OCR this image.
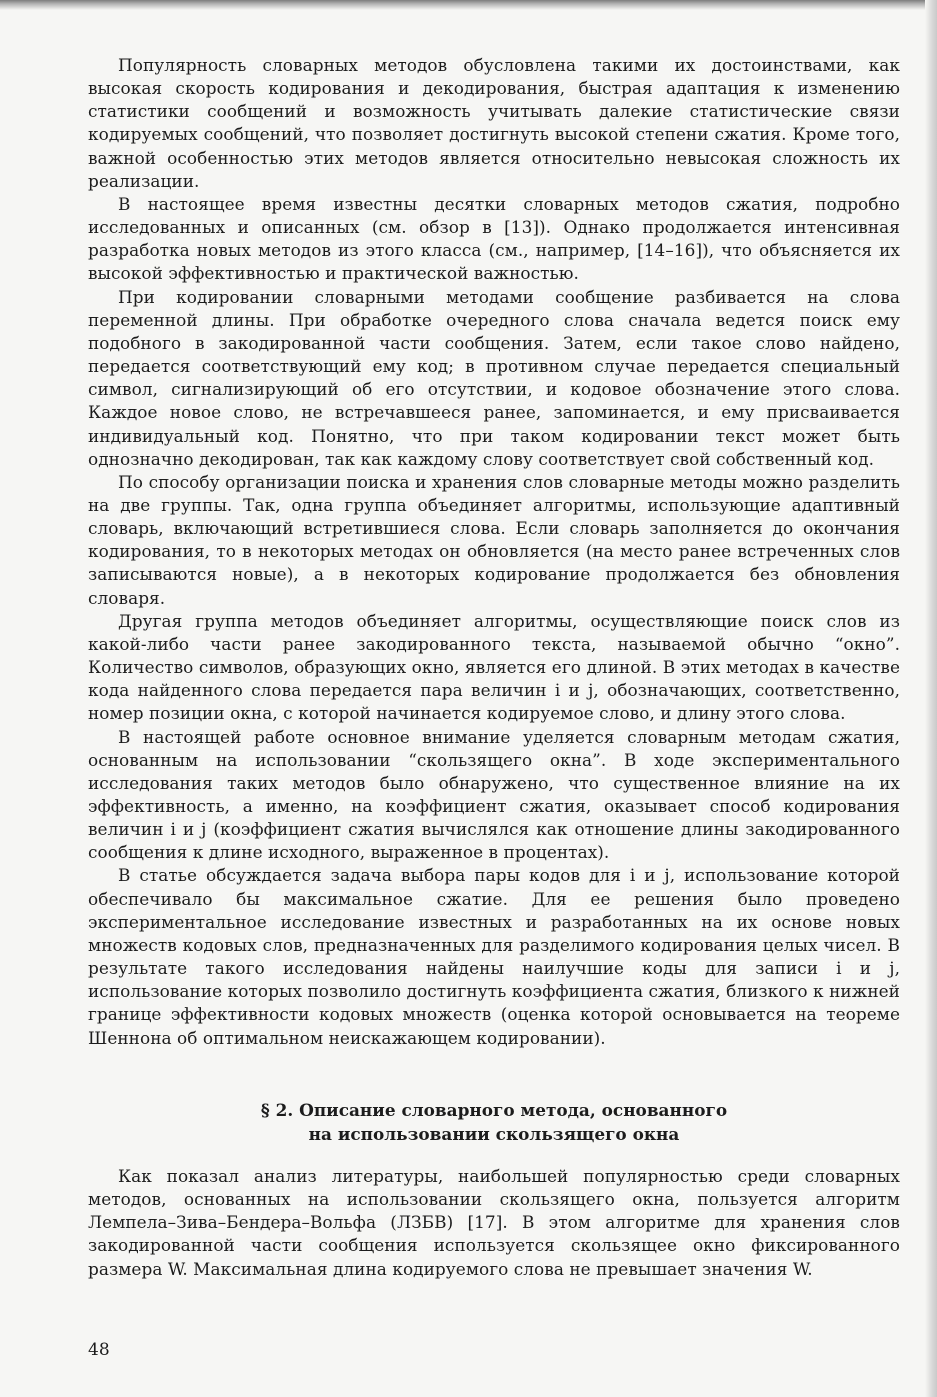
Популярность словарных методов обусловлена такими их достоинствами, как высокая скорость кодирования и декодирования, быстрая адаптация к изменению статистики сообщений и возможность учитывать далекие статистические связи кодируемых сообщений, что позволяет достигнуть высокой степени сжатия. Кроме того, важной особенностью этих методов является относительно невысокая сложность их реализации.

В настоящее время известны десятки словарных методов сжатия, подробно исследованных и описанных (см. обзор в [13]). Однако продолжается интенсивная разработка новых методов из этого класса (см., например, [14–16]), что объясняется их высокой эффективностью и практической важностью.

При кодировании словарными методами сообщение разбивается на слова переменной длины. При обработке очередного слова сначала ведется поиск ему подобного в закодированной части сообщения. Затем, если такое слово найдено, передается соответствующий ему код; в противном случае передается специальный символ, сигнализирующий об его отсутствии, и кодовое обозначение этого слова. Каждое новое слово, не встречавшееся ранее, запоминается, и ему присваивается индивидуальный код. Понятно, что при таком кодировании текст может быть однозначно декодирован, так как каждому слову соответствует свой собственный код.

По способу организации поиска и хранения слов словарные методы можно разделить на две группы. Так, одна группа объединяет алгоритмы, использующие адаптивный словарь, включающий встретившиеся слова. Если словарь заполняется до окончания кодирования, то в некоторых методах он обновляется (на место ранее встреченных слов записываются новые), а в некоторых кодирование продолжается без обновления словаря.

Другая группа методов объединяет алгоритмы, осуществляющие поиск слов из какой-либо части ранее закодированного текста, называемой обычно “окно”. Количество символов, образующих окно, является его длиной. В этих методах в качестве кода найденного слова передается пара величин i и j, обозначающих, соответственно, номер позиции окна, с которой начинается кодируемое слово, и длину этого слова.

В настоящей работе основное внимание уделяется словарным методам сжатия, основанным на использовании “скользящего окна”. В ходе экспериментального исследования таких методов было обнаружено, что существенное влияние на их эффективность, а именно, на коэффициент сжатия, оказывает способ кодирования величин i и j (коэффициент сжатия вычислялся как отношение длины закодированного сообщения к длине исходного, выраженное в процентах).

В статье обсуждается задача выбора пары кодов для i и j, использование которой обеспечивало бы максимальное сжатие. Для ее решения было проведено экспериментальное исследование известных и разработанных на их основе новых множеств кодовых слов, предназначенных для разделимого кодирования целых чисел. В результате такого исследования найдены наилучшие коды для записи i и j, использование которых позволило достигнуть коэффициента сжатия, близкого к нижней границе эффективности кодовых множеств (оценка которой основывается на теореме Шеннона об оптимальном неискажающем кодировании).

§ 2. Описание словарного метода, основанного
на использовании скользящего окна

Как показал анализ литературы, наибольшей популярностью среди словарных методов, основанных на использовании скользящего окна, пользуется алгоритм Лемпела–Зива–Бендера–Вольфа (ЛЗБВ) [17]. В этом алгоритме для хранения слов закодированной части сообщения используется скользящее окно фиксированного размера W. Максимальная длина кодируемого слова не превышает значения W.

48
